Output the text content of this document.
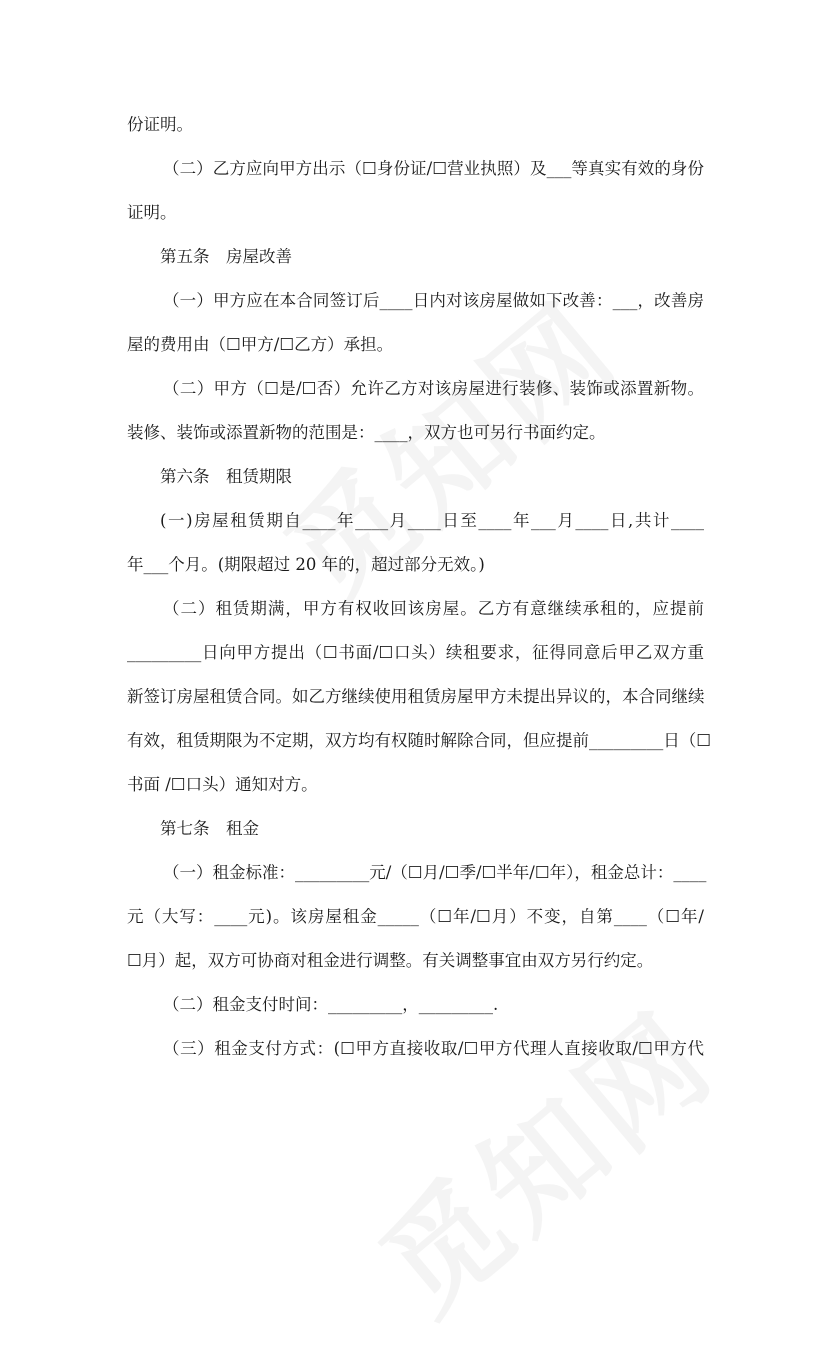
份证明。

（二）乙方应向甲方出示（☐身份证/☐营业执照）及___等真实有效的身份

证明。

第五条　房屋改善

（一）甲方应在本合同签订后____日内对该房屋做如下改善：___，改善房

屋的费用由（☐甲方/☐乙方）承担。

（二）甲方（☐是/☐否）允许乙方对该房屋进行装修、装饰或添置新物。

装修、装饰或添置新物的范围是：____，双方也可另行书面约定。

第六条　租赁期限

(一)房屋租赁期自____年____月____日至____年___月____日,共计____

年___个月。(期限超过 20 年的，超过部分无效。)

（二）租赁期满，甲方有权收回该房屋。乙方有意继续承租的，应提前

_________日向甲方提出（☐书面/☐口头）续租要求，征得同意后甲乙双方重

新签订房屋租赁合同。如乙方继续使用租赁房屋甲方未提出异议的，本合同继续

有效，租赁期限为不定期，双方均有权随时解除合同，但应提前_________日（☐

书面 /☐口头）通知对方。

第七条　租金

（一）租金标准：_________元/（☐月/☐季/☐半年/☐年），租金总计：____

元（大写：____元)。该房屋租金_____（☐年/☐月）不变，自第____（☐年/

☐月）起，双方可协商对租金进行调整。有关调整事宜由双方另行约定。

（二）租金支付时间：_________，_________.

（三）租金支付方式：(☐甲方直接收取/☐甲方代理人直接收取/☐甲方代
